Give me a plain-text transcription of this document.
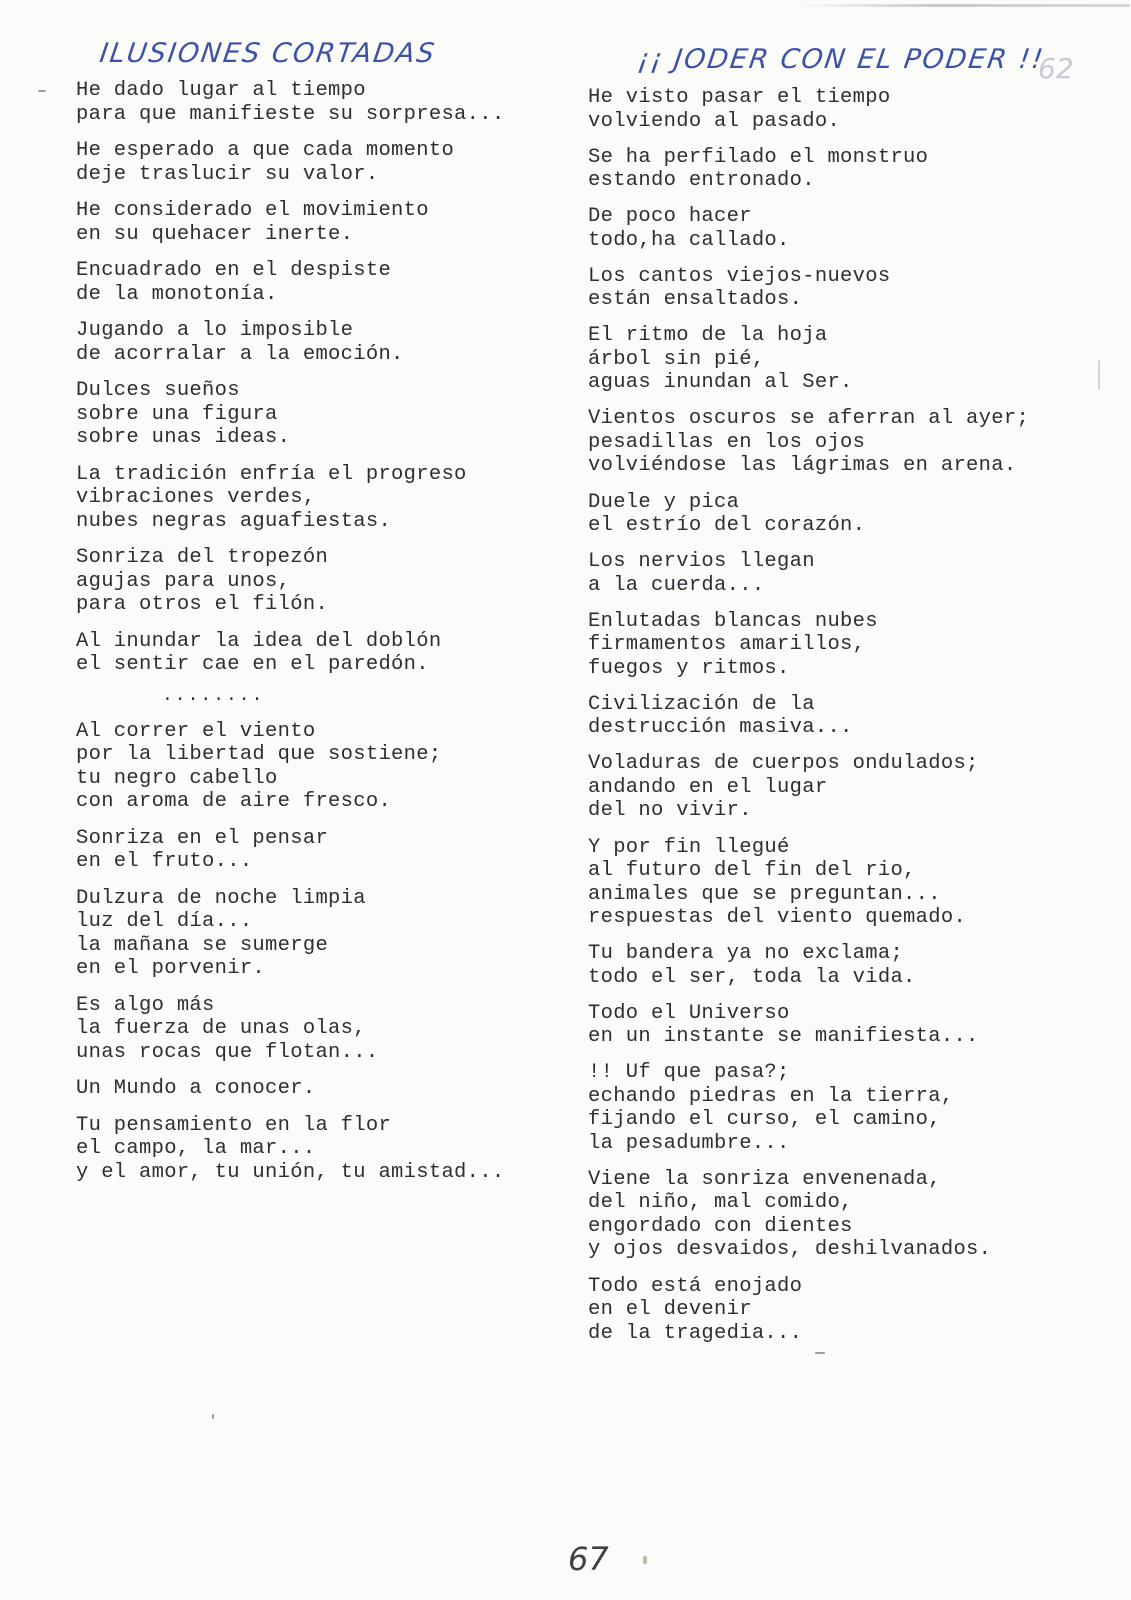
ILUSIONES CORTADAS	¡¡ JODER CON EL PODER !!
62
He dado lugar al tiempo
para que manifieste su sorpresa...
He esperado a que cada momento
deje traslucir su valor.
He considerado el movimiento
en su quehacer inerte.
Encuadrado en el despiste
de la monotonía.
Jugando a lo imposible
de acorralar a la emoción.
Dulces sueños
sobre una figura
sobre unas ideas.
La tradición enfría el progreso
vibraciones verdes,
nubes negras aguafiestas.
Sonriza del tropezón
agujas para unos,
para otros el filón.
Al inundar la idea del doblón
el sentir cae en el paredón.
........
Al correr el viento
por la libertad que sostiene;
tu negro cabello
con aroma de aire fresco.
Sonriza en el pensar
en el fruto...
Dulzura de noche limpia
luz del día...
la mañana se sumerge
en el porvenir.
Es algo más
la fuerza de unas olas,
unas rocas que flotan...
Un Mundo a conocer.
Tu pensamiento en la flor
el campo, la mar...
y el amor, tu unión, tu amistad...
He visto pasar el tiempo
volviendo al pasado.
Se ha perfilado el monstruo
estando entronado.
De poco hacer
todo,ha callado.
Los cantos viejos-nuevos
están ensaltados.
El ritmo de la hoja
árbol sin pié,
aguas inundan al Ser.
Vientos oscuros se aferran al ayer;
pesadillas en los ojos
volviéndose las lágrimas en arena.
Duele y pica
el estrío del corazón.
Los nervios llegan
a la cuerda...
Enlutadas blancas nubes
firmamentos amarillos,
fuegos y ritmos.
Civilización de la
destrucción masiva...
Voladuras de cuerpos ondulados;
andando en el lugar
del no vivir.
Y por fin llegué
al futuro del fin del rio,
animales que se preguntan...
respuestas del viento quemado.
Tu bandera ya no exclama;
todo el ser, toda la vida.
Todo el Universo
en un instante se manifiesta...
!! Uf que pasa?;
echando piedras en la tierra,
fijando el curso, el camino,
la pesadumbre...
Viene la sonriza envenenada,
del niño, mal comido,
engordado con dientes
y ojos desvaidos, deshilvanados.
Todo está enojado
en el devenir
de la tragedia...
67
